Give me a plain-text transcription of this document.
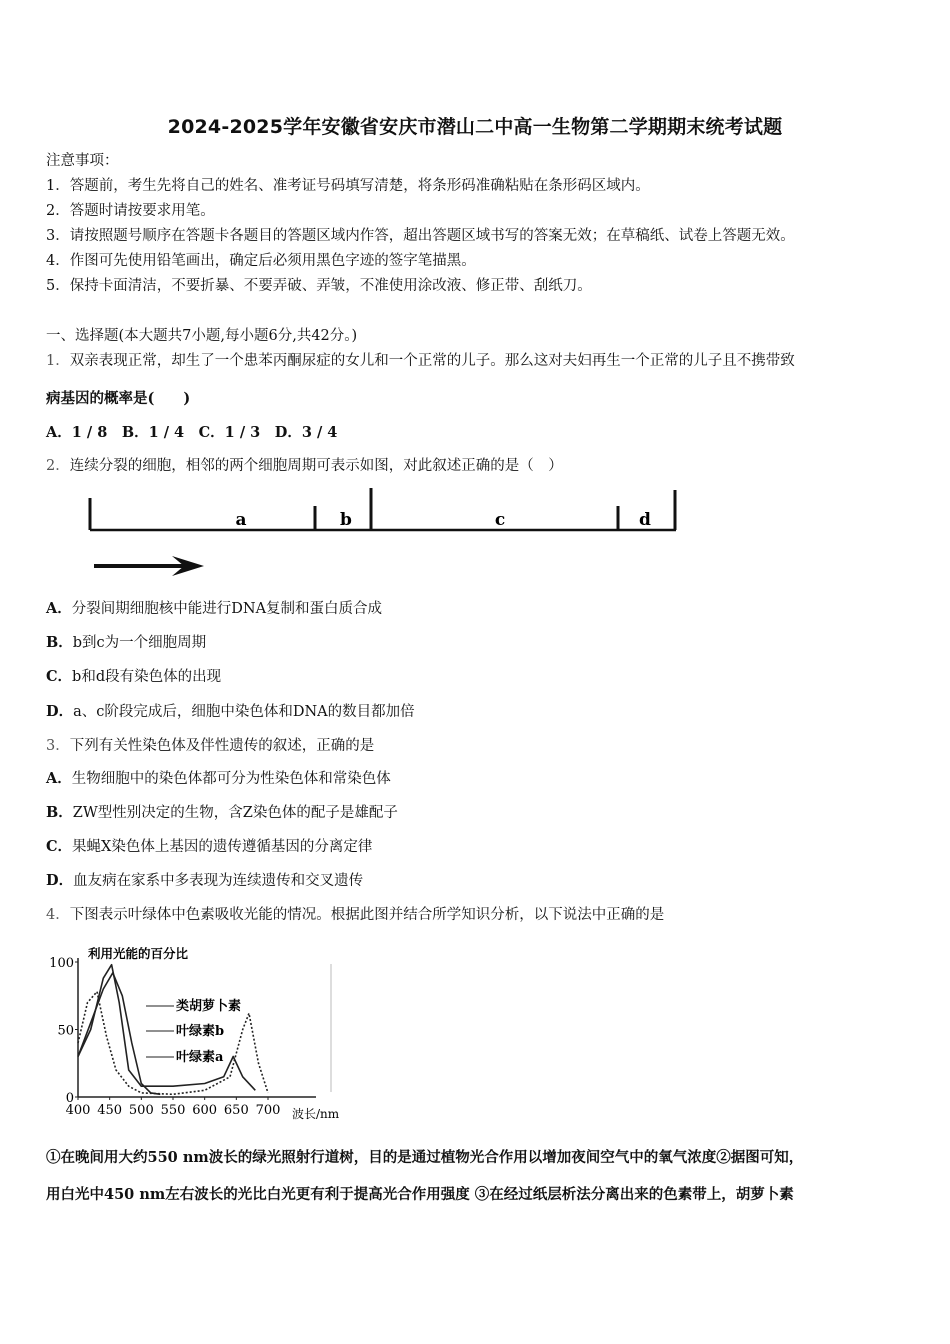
2024-2025学年安徽省安庆市潜山二中高一生物第二学期期末统考试题
注意事项：
1．答题前，考生先将自己的姓名、准考证号码填写清楚，将条形码准确粘贴在条形码区域内。
2．答题时请按要求用笔。
3．请按照题号顺序在答题卡各题目的答题区域内作答，超出答题区域书写的答案无效；在草稿纸、试卷上答题无效。
4．作图可先使用铅笔画出，确定后必须用黑色字迹的签字笔描黑。
5．保持卡面清洁，不要折暴、不要弄破、弄皱，不准使用涂改液、修正带、刮纸刀。
一、选择题(本大题共7小题,每小题6分,共42分。)
1．双亲表现正常，却生了一个患苯丙酮尿症的女儿和一个正常的儿子。那么这对夫妇再生一个正常的儿子且不携带致
病基因的概率是(　　)
A．1 / 8　B．1 / 4　C．1 / 3　D．3 / 4
2．连续分裂的细胞，相邻的两个细胞周期可表示如图，对此叙述正确的是（　）
a	b	c	d
A．分裂间期细胞核中能进行DNA复制和蛋白质合成
B．b到c为一个细胞周期
C．b和d段有染色体的出现
D．a、c阶段完成后，细胞中染色体和DNA的数目都加倍
3．下列有关性染色体及伴性遗传的叙述，正确的是
A．生物细胞中的染色体都可分为性染色体和常染色体
B．ZW型性别决定的生物，含Z染色体的配子是雄配子
C．果蝇X染色体上基因的遗传遵循基因的分离定律
D．血友病在家系中多表现为连续遗传和交叉遗传
4．下图表示叶绿体中色素吸收光能的情况。根据此图并结合所学知识分析，以下说法中正确的是
利用光能的百分比
0
50
100
400 450 500 550 600 650 700 波长/nm
类胡萝卜素
叶绿素b
叶绿素a
①在晚间用大约550 nm波长的绿光照射行道树，目的是通过植物光合作用以增加夜间空气中的氧气浓度②据图可知，
用白光中450 nm左右波长的光比白光更有利于提高光合作用强度 ③在经过纸层析法分离出来的色素带上，胡萝卜素
